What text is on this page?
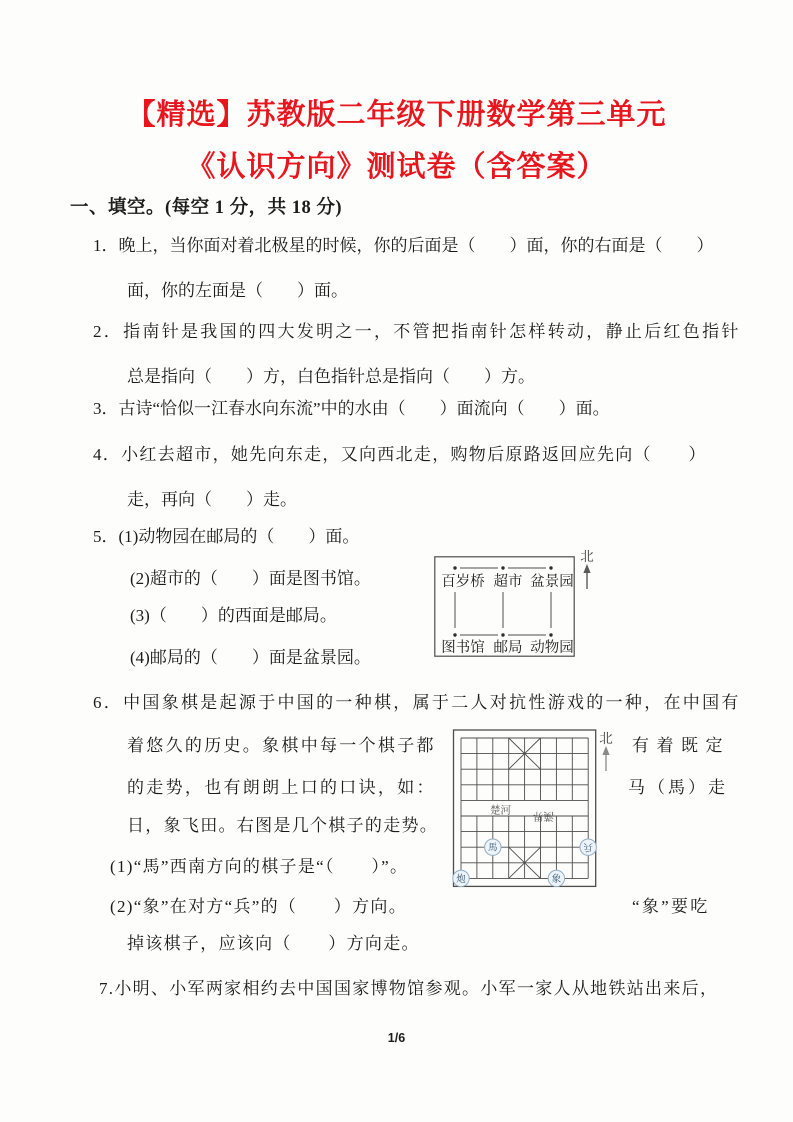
【精选】苏教版二年级下册数学第三单元
《认识方向》测试卷（含答案）
一、填空。(每空 1 分，共 18 分)
1．晚上，当你面对着北极星的时候，你的后面是（　　）面，你的右面是（　　）
面，你的左面是（　　）面。
2．指南针是我国的四大发明之一，不管把指南针怎样转动，静止后红色指针
总是指向（　　）方，白色指针总是指向（　　）方。
3．古诗“恰似一江春水向东流”中的水由（　　）面流向（　　）面。
4．小红去超市，她先向东走，又向西北走，购物后原路返回应先向（　　）
走，再向（　　）走。
5．(1)动物园在邮局的（　　）面。
(2)超市的（　　）面是图书馆。
(3)（　　）的西面是邮局。
(4)邮局的（　　）面是盆景园。
百岁桥 超市 盆景园
图书馆 邮局 动物园
北
6．中国象棋是起源于中国的一种棋，属于二人对抗性游戏的一种，在中国有
着悠久的历史。象棋中每一个棋子都	有着既定
的走势，也有朗朗上口的口诀，如：	马（馬）走
日，象飞田。右图是几个棋子的走势。
(1)“馬”西南方向的棋子是“（　　）”。
(2)“象”在对方“兵”的（　　）方向。	“象”要吃
掉该棋子，应该向（　　）方向走。
楚河 漢界
馬	兵
炮	象
北
7.小明、小军两家相约去中国国家博物馆参观。小军一家人从地铁站出来后，
1/6
